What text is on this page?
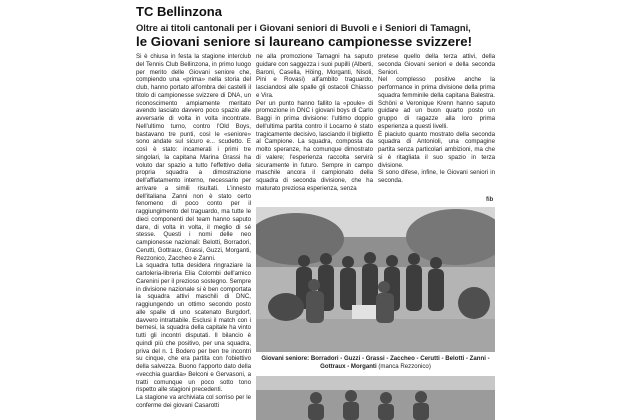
TC Bellinzona
Oltre ai titoli cantonali per i Giovani seniori di Buvoli e i Seniori di Tamagni,
le Giovani seniore si laureano campionesse svizzere!

Si è chiusa in festa la stagione interclub del Tennis Club Bellinzona, in primo luogo per merito delle Giovani seniore che, compiendo una «prima» nella storia del club, hanno portato all'ombra dei castelli il titolo di campionesse svizzere di DNA, un riconoscimento ampiamente meritato avendo lasciato davvero poco spazio alle avversarie di volta in volta incontrate. Nell'ultimo turno, contro l'Old Boys, bastavano tre punti, così le «seniore» sono andate sul sicuro e... scudetto. E così è stato: incamerati i primi tre singolari, la capitana Marina Grassi ha voluto dar spazio a tutto l'effettivo della propria squadra a dimostrazione dell'affiatamento interno, necessario per arrivare a simili risultati. L'innesto dell'italiana Zanni non è stato certo fenomeno di poco conto per il raggiungimento del traguardo, ma tutte le dieci componenti del team hanno saputo dare, di volta in volta, il meglio di sé stesse. Questi i nomi delle neo campionesse nazionali: Belotti, Borradori, Cerutti, Gottraux, Grassi, Guzzi, Morganti, Rezzonico, Zaccheo e Zanni.

La squadra tutta desidera ringraziare la cartoleria-libreria Elia Colombi dell'amico Carenini per il prezioso sostegno. Sempre in divisione nazionale si è ben comportata la squadra attivi maschili di DNC, raggiungendo un ottimo secondo posto alle spalle di uno scatenato Burgdorf, davvero intrattabile. Esclusi il match con i bernesi, la squadra della capitale ha vinto tutti gli incontri disputati. Il bilancio è quindi più che positivo, per una squadra, priva del n. 1 Bodero per ben tre incontri su cinque, che era partita con l'obiettivo della salvezza. Buono l'apporto dato della «vecchia guardia» Belconi e Gervasoni, a tratti comunque un poco sotto tono rispetto alle stagioni precedenti.

La stagione va archiviata col sorriso per le conferme dei giovani Casarotti

ne alla promozione Tamagni ha saputo guidare con saggezza i suoi pupilli (Alberti, Baroni, Casella, Höing, Morganti, Nisoli, Pini e Rovasi) all'ambito traguardo, lasciandosi alle spalle gli ostacoli Chiasso e Vira.

Per un punto hanno fallito la «poule» di promozione in DNC i giovani boys di Carlo Baggi in prima divisione: l'ultimo doppio dell'ultima partita contro il Locarno è stato tragicamente decisivo, lasciando il biglietto al Campione. La squadra, composta da molto speranze, ha comunque dimostrato di valere; l'esperienza raccolta servirà sicuramente in futuro. Sempre in campo maschile ancora il campionato della squadra di seconda divisione, che ha maturato preziosa esperienza, senza

pretese quello della terza attivi, della seconda Giovani seniori e della seconda Seniori.

Nel complesso positive anche la performance in prima divisione della prima squadra femminile della capitana Balestra. Schöni e Veronique Krenn hanno saputo guidare ad un buon quarto posto un gruppo di ragazze alla loro prima esperienza a questi livelli.

È piaciuto quanto mostrato della seconda squadra di Antonioli, una compagine partita senza particolari ambizioni, ma che si è ritagliata il suo spazio in terza divisione.

Si sono difese, infine, le Giovani seniori in seconda.

fib
Giovani seniore: Borradori - Guzzi - Grassi - Zaccheo - Cerutti - Belotti - Zanni - Gottraux - Morganti (manca Rezzonico)
